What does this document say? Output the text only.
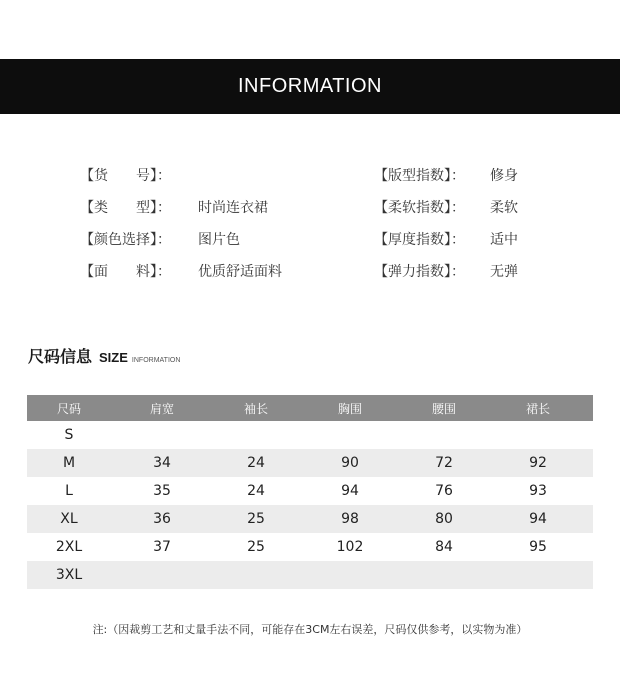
INFORMATION
【货　　号】：
【类　　型】： 时尚连衣裙
【颜色选择】： 图片色
【面　　料】： 优质舒适面料
【版型指数】： 修身
【柔软指数】： 柔软
【厚度指数】： 适中
【弹力指数】： 无弹
尺码信息 SIZE INFORMATION
尺码	肩宽	袖长	胸围	腰围	裙长
S
M	34	24	90	72	92
L	35	24	94	76	93
XL	36	25	98	80	94
2XL	37	25	102	84	95
3XL
注:（因裁剪工艺和丈量手法不同，可能存在3CM左右误差，尺码仅供参考，以实物为准）
